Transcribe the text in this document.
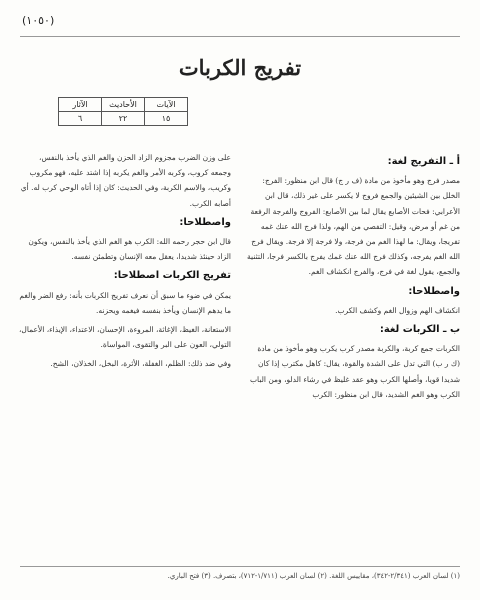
(١٠٥٠)
تفريج الكربات
الآيات	الأحاديث	الآثار
١٥	٢٢	٦
أ ـ التفريج لغة:

مصدر فرج وهو مأخوذ من مادة (ف ر ج) قال ابن منظور: الفرج: الخلل بين الشيئين والجمع فروج لا يكسر على غير ذلك، قال ابن الأعرابي: فحات الأصابع يقال لما بين الأصابع: الفروج والفرجة الرفعة من غم أو مرض، وقيل: التفصي من الهم، ولذا فرج الله عنك غمه تفريجا، ويقال: ما لهذا الغم من فرجة، ولا فرجة إلا فرجة. ويقال فرج الله الغم يفرجه، وكذلك فرج الله عنك غمك يفرج بالكسر فرجا، التثنية والجمع، يقول لغة في فرج، والفرج انكشاف الغم.

واصطلاحا:

انكشاف الهم وزوال الغم وكشف الكرب.

ب ـ الكربات لغة:

الكربات جمع كربة، والكربة مصدر كرب يكرب وهو مأخوذ من مادة (ك ر ب) التي تدل على الشدة والقوة، يقال: كاهل مكترب إذا كان شديدا قويا، وأصلها الكرب وهو عقد غليظ في رشاء الدلو، ومن الباب الكرب وهو الغم الشديد، قال ابن منظور: الكرب

على وزن الضرب مجزوم الزاد الحزن والغم الذي يأخذ بالنفس، وجمعه كروب، وكربه الأمر والغم يكربه إذا اشتد عليه، فهو مكروب وكريب، والاسم الكربة، وفي الحديث: كان إذا أتاه الوحي كرب له. أي أصابه الكرب.

واصطلاحا:

قال ابن حجر رحمه الله: الكرب هو الغم الذي يأخذ بالنفس، ويكون الزاد حينئذ شديدا، يعقل معه الإنسان وتطمئن نفسه.

تفريج الكربات اصطلاحا:

يمكن في ضوء ما سبق أن نعرف تفريج الكربات بأنه: رفع الضر والغم ما يدهم الإنسان ويأخذ بنفسه فيغمه ويحزنه.

الاستعانة، الغيظ، الإغاثة، المروءة، الإحسان، الاعتداء، الإيذاء، الأعمال، التولي، العون على البر والتقوى، المواساة.

وفي ضد ذلك: الظلم، الغفلة، الأثرة، البخل، الخذلان، الشح.

(١) لسان العرب (٢/٣٤١-٣٤٢)، مقاييس اللغة. (٢) لسان العرب (١/٧١١-٧١٢)، بتصرف. (٣) فتح الباري.
